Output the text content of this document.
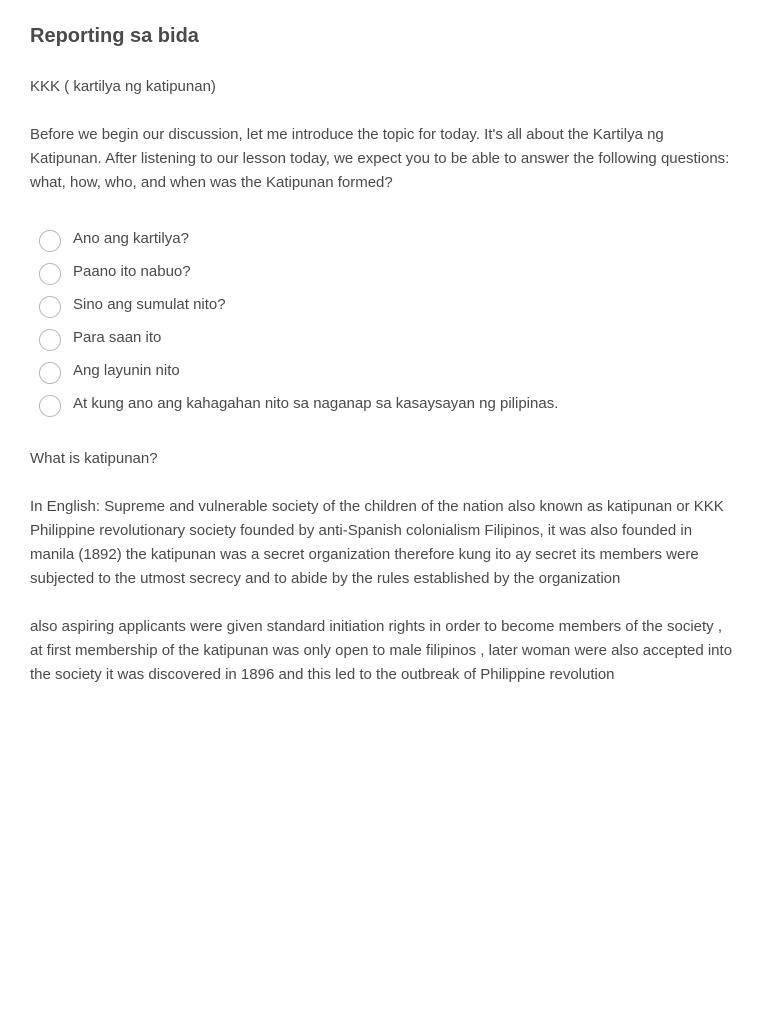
Reporting sa bida

KKK ( kartilya ng katipunan)

Before we begin our discussion, let me introduce the topic for today. It's all about the Kartilya ng Katipunan. After listening to our lesson today, we expect you to be able to answer the following questions: what, how, who, and when was the Katipunan formed?

Ano ang kartilya?
Paano ito nabuo?
Sino ang sumulat nito?
Para saan ito
Ang layunin nito
At kung ano ang kahagahan nito sa naganap sa kasaysayan ng pilipinas.

What is katipunan?

In English: Supreme and vulnerable society of the children of the nation also known as katipunan or KKK Philippine revolutionary society founded by anti-Spanish colonialism Filipinos, it was also founded in manila (1892) the katipunan was a secret organization therefore kung ito ay secret its members were subjected to the utmost secrecy and to abide by the rules established by the organization

also aspiring applicants were given standard initiation rights in order to become members of the society , at first membership of the katipunan was only open to male filipinos , later woman were also accepted into the society it was discovered in 1896 and this led to the outbreak of Philippine revolution
